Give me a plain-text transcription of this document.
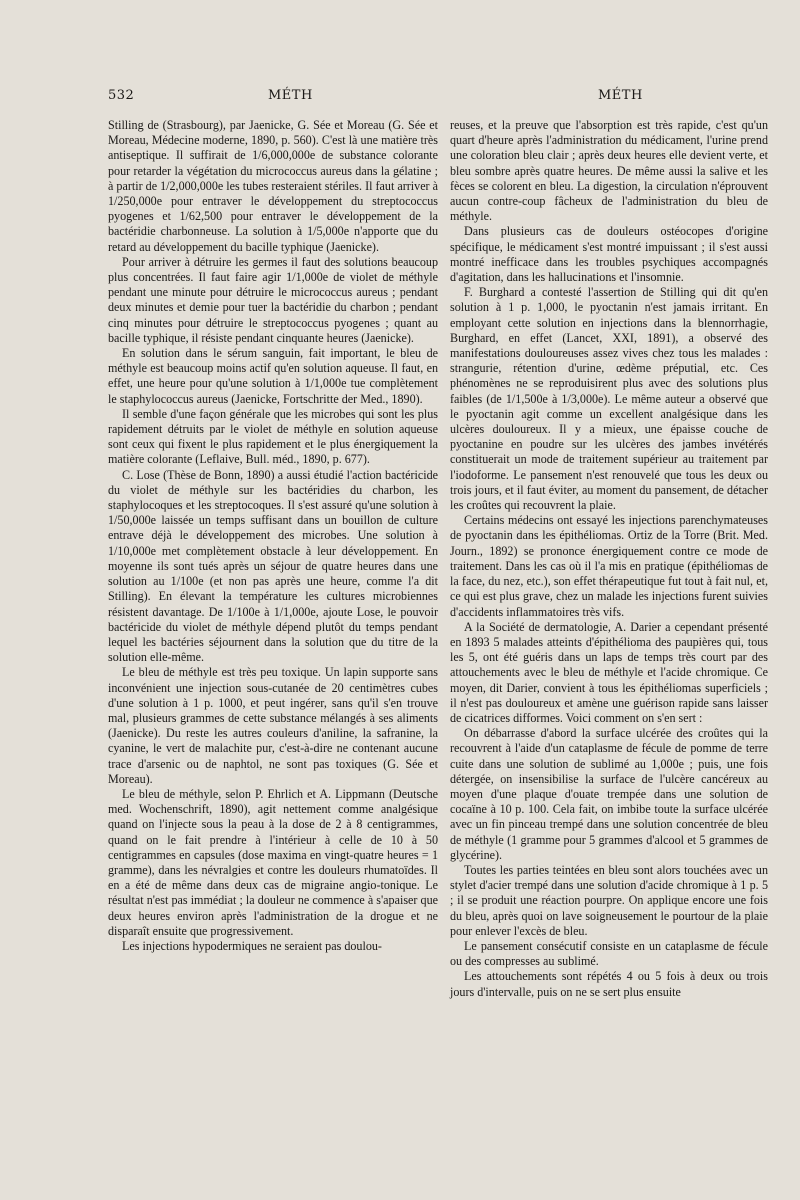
532	MÉTH	MÉTH

Stilling de (Strasbourg), par Jaenicke, G. Sée et Moreau (G. Sée et Moreau, Médecine moderne, 1890, p. 560). C'est là une matière très antiseptique. Il suffirait de 1/6,000,000e de substance colorante pour retarder la végétation du micrococcus aureus dans la gélatine ; à partir de 1/2,000,000e les tubes resteraient stériles. Il faut arriver à 1/250,000e pour entraver le développement du streptococcus pyogenes et 1/62,500 pour entraver le développement de la bactéridie charbonneuse. La solution à 1/5,000e n'apporte que du retard au développement du bacille typhique (Jaenicke).

Pour arriver à détruire les germes il faut des solutions beaucoup plus concentrées. Il faut faire agir 1/1,000e de violet de méthyle pendant une minute pour détruire le micrococcus aureus ; pendant deux minutes et demie pour tuer la bactéridie du charbon ; pendant cinq minutes pour détruire le streptococcus pyogenes ; quant au bacille typhique, il résiste pendant cinquante heures (Jaenicke).

En solution dans le sérum sanguin, fait important, le bleu de méthyle est beaucoup moins actif qu'en solution aqueuse. Il faut, en effet, une heure pour qu'une solution à 1/1,000e tue complètement le staphylococcus aureus (Jaenicke, Fortschritte der Med., 1890).

Il semble d'une façon générale que les microbes qui sont les plus rapidement détruits par le violet de méthyle en solution aqueuse sont ceux qui fixent le plus rapidement et le plus énergiquement la matière colorante (Leflaive, Bull. méd., 1890, p. 677).

C. Lose (Thèse de Bonn, 1890) a aussi étudié l'action bactéricide du violet de méthyle sur les bactéridies du charbon, les staphylocoques et les streptocoques. Il s'est assuré qu'une solution à 1/50,000e laissée un temps suffisant dans un bouillon de culture entrave déjà le développement des microbes. Une solution à 1/10,000e met complètement obstacle à leur développement. En moyenne ils sont tués après un séjour de quatre heures dans une solution au 1/100e (et non pas après une heure, comme l'a dit Stilling). En élevant la température les cultures microbiennes résistent davantage. De 1/100e à 1/1,000e, ajoute Lose, le pouvoir bactéricide du violet de méthyle dépend plutôt du temps pendant lequel les bactéries séjournent dans la solution que du titre de la solution elle-même.

Le bleu de méthyle est très peu toxique. Un lapin supporte sans inconvénient une injection sous-cutanée de 20 centimètres cubes d'une solution à 1 p. 1000, et peut ingérer, sans qu'il s'en trouve mal, plusieurs grammes de cette substance mélangés à ses aliments (Jaenicke). Du reste les autres couleurs d'aniline, la safranine, la cyanine, le vert de malachite pur, c'est-à-dire ne contenant aucune trace d'arsenic ou de naphtol, ne sont pas toxiques (G. Sée et Moreau).

Le bleu de méthyle, selon P. Ehrlich et A. Lippmann (Deutsche med. Wochenschrift, 1890), agit nettement comme analgésique quand on l'injecte sous la peau à la dose de 2 à 8 centigrammes, quand on le fait prendre à l'intérieur à celle de 10 à 50 centigrammes en capsules (dose maxima en vingt-quatre heures = 1 gramme), dans les névralgies et contre les douleurs rhumatoïdes. Il en a été de même dans deux cas de migraine angio-tonique. Le résultat n'est pas immédiat ; la douleur ne commence à s'apaiser que deux heures environ après l'administration de la drogue et ne disparaît ensuite que progressivement.

Les injections hypodermiques ne seraient pas doulou-

reuses, et la preuve que l'absorption est très rapide, c'est qu'un quart d'heure après l'administration du médicament, l'urine prend une coloration bleu clair ; après deux heures elle devient verte, et bleu sombre après quatre heures. De même aussi la salive et les fèces se colorent en bleu. La digestion, la circulation n'éprouvent aucun contre-coup fâcheux de l'administration du bleu de méthyle.

Dans plusieurs cas de douleurs ostéocopes d'origine spécifique, le médicament s'est montré impuissant ; il s'est aussi montré inefficace dans les troubles psychiques accompagnés d'agitation, dans les hallucinations et l'insomnie.

F. Burghard a contesté l'assertion de Stilling qui dit qu'en solution à 1 p. 1,000, le pyoctanin n'est jamais irritant. En employant cette solution en injections dans la blennorrhagie, Burghard, en effet (Lancet, XXI, 1891), a observé des manifestations douloureuses assez vives chez tous les malades : strangurie, rétention d'urine, œdème préputial, etc. Ces phénomènes ne se reproduisirent plus avec des solutions plus faibles (de 1/1,500e à 1/3,000e). Le même auteur a observé que le pyoctanin agit comme un excellent analgésique dans les ulcères douloureux. Il y a mieux, une épaisse couche de pyoctanine en poudre sur les ulcères des jambes invétérés constituerait un mode de traitement supérieur au traitement par l'iodoforme. Le pansement n'est renouvelé que tous les deux ou trois jours, et il faut éviter, au moment du pansement, de détacher les croûtes qui recouvrent la plaie.

Certains médecins ont essayé les injections parenchymateuses de pyoctanin dans les épithéliomas. Ortiz de la Torre (Brit. Med. Journ., 1892) se prononce énergiquement contre ce mode de traitement. Dans les cas où il l'a mis en pratique (épithéliomas de la face, du nez, etc.), son effet thérapeutique fut tout à fait nul, et, ce qui est plus grave, chez un malade les injections furent suivies d'accidents inflammatoires très vifs.

A la Société de dermatologie, A. Darier a cependant présenté en 1893 5 malades atteints d'épithélioma des paupières qui, tous les 5, ont été guéris dans un laps de temps très court par des attouchements avec le bleu de méthyle et l'acide chromique. Ce moyen, dit Darier, convient à tous les épithéliomas superficiels ; il n'est pas douloureux et amène une guérison rapide sans laisser de cicatrices difformes. Voici comment on s'en sert :

On débarrasse d'abord la surface ulcérée des croûtes qui la recouvrent à l'aide d'un cataplasme de fécule de pomme de terre cuite dans une solution de sublimé au 1,000e ; puis, une fois détergée, on insensibilise la surface de l'ulcère cancéreux au moyen d'une plaque d'ouate trempée dans une solution de cocaïne à 10 p. 100. Cela fait, on imbibe toute la surface ulcérée avec un fin pinceau trempé dans une solution concentrée de bleu de méthyle (1 gramme pour 5 grammes d'alcool et 5 grammes de glycérine).

Toutes les parties teintées en bleu sont alors touchées avec un stylet d'acier trempé dans une solution d'acide chromique à 1 p. 5 ; il se produit une réaction pourpre. On applique encore une fois du bleu, après quoi on lave soigneusement le pourtour de la plaie pour enlever l'excès de bleu.

Le pansement consécutif consiste en un cataplasme de fécule ou des compresses au sublimé.

Les attouchements sont répétés 4 ou 5 fois à deux ou trois jours d'intervalle, puis on ne se sert plus ensuite
